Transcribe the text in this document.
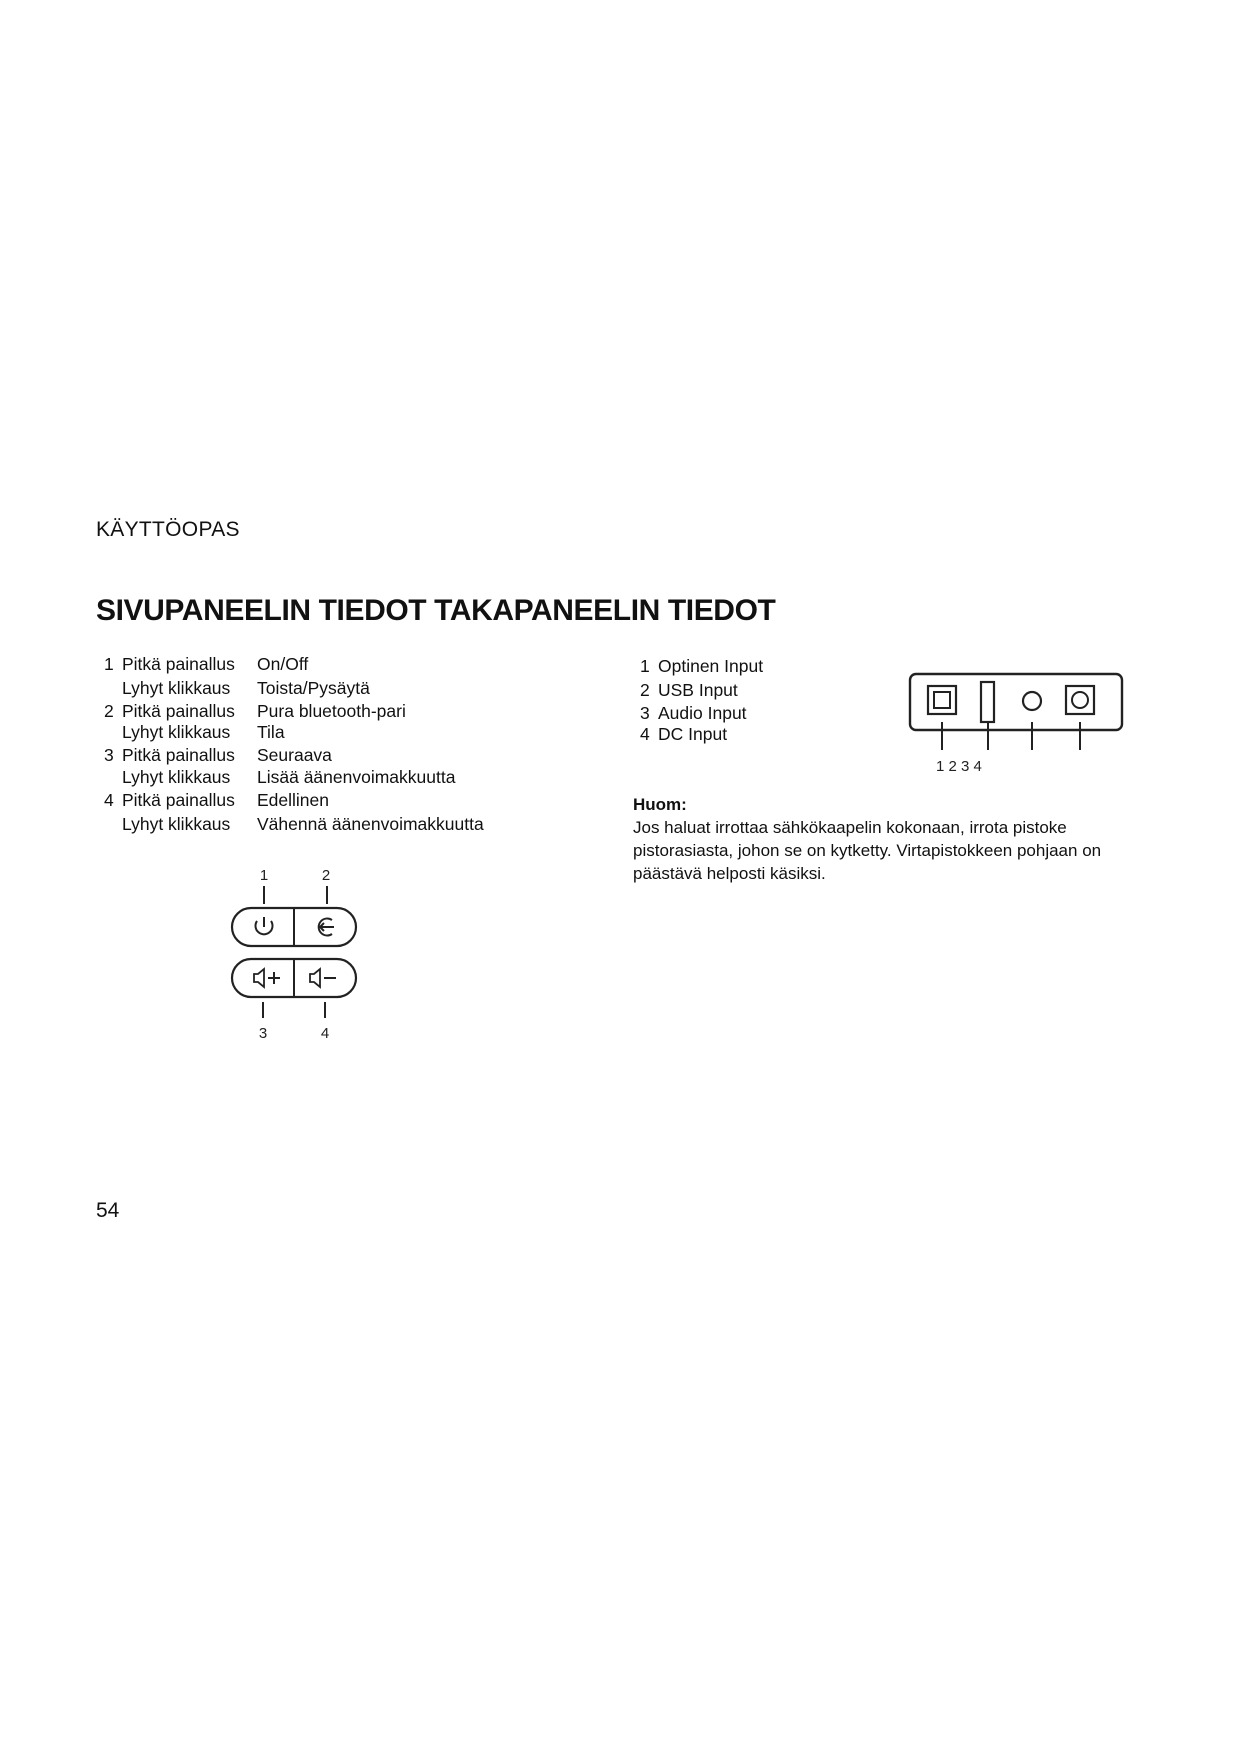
KÄYTTÖOPAS
SIVUPANEELIN TIEDOT TAKAPANEELIN TIEDOT
1 Pitkä painallus On/Off
Lyhyt klikkaus Toista/Pysäytä
2 Pitkä painallus Pura bluetooth-pari
Lyhyt klikkaus Tila
3 Pitkä painallus Seuraava
Lyhyt klikkaus Lisää äänenvoimakkuutta
4 Pitkä painallus Edellinen
Lyhyt klikkaus Vähennä äänenvoimakkuutta
1	2
3	4
1 Optinen Input
2 USB Input
3 Audio Input
4 DC Input
1 2 3 4
Huom:
Jos haluat irrottaa sähkökaapelin kokonaan, irrota pistoke
pistorasiasta, johon se on kytketty. Virtapistokkeen pohjaan on
päästävä helposti käsiksi.
54
